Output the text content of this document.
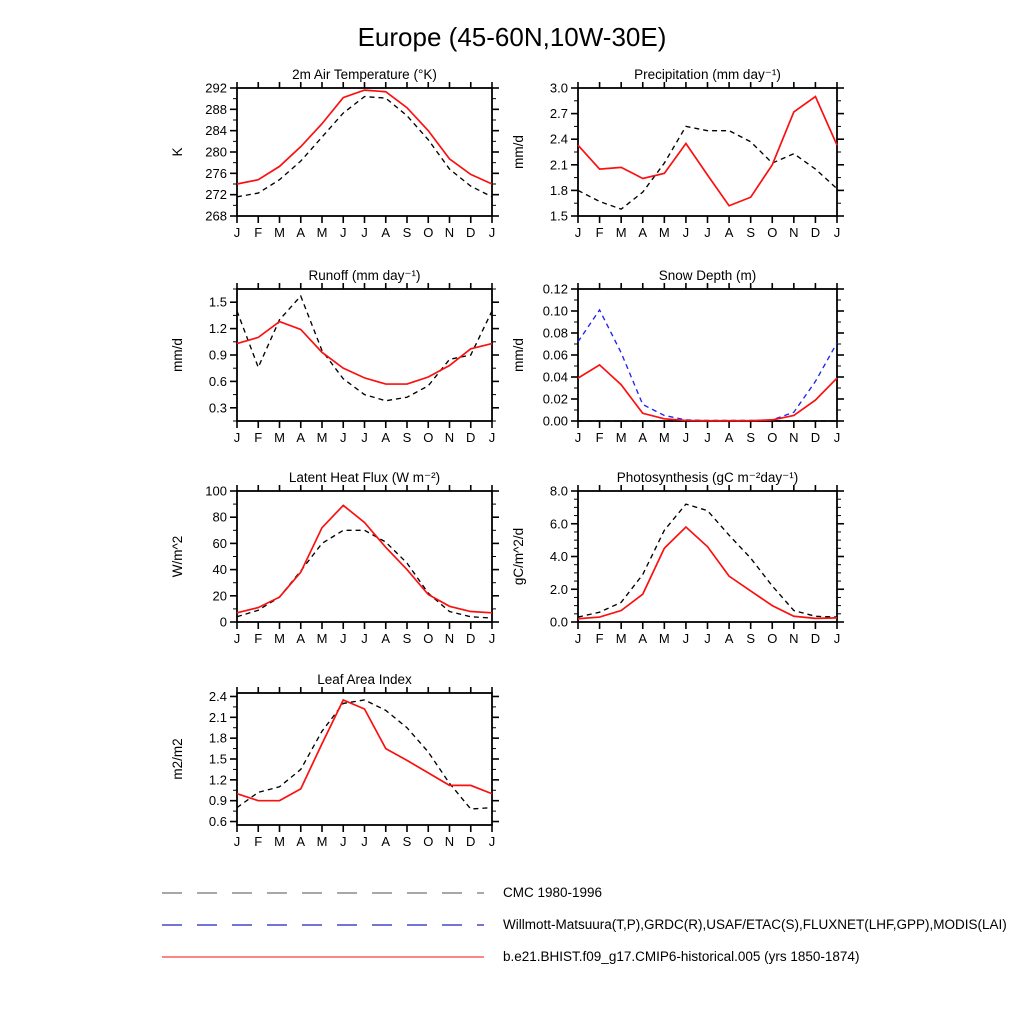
Europe (45-60N,10W-30E)
2m Air Temperature (°K)
268
272
276
280
284
288
292
J F M A M J J A S O N D J
K
Precipitation (mm day⁻¹)
1.5
1.8
2.1
2.4
2.7
3.0
J F M A M J J A S O N D J
mm/d
Runoff (mm day⁻¹)
0.3
0.6
0.9
1.2
1.5
J F M A M J J A S O N D J
mm/d
Snow Depth (m)
0.00
0.02
0.04
0.06
0.08
0.10
0.12
J F M A M J J A S O N D J
mm/d
Latent Heat Flux (W m⁻²)
0
20
40
60
80
100
J F M A M J J A S O N D J
W/m^2
Photosynthesis (gC m⁻²day⁻¹)
0.0
2.0
4.0
6.0
8.0
J F M A M J J A S O N D J
gC/m^2/d
Leaf Area Index
0.6
0.9
1.2
1.5
1.8
2.1
2.4
J F M A M J J A S O N D J
m2/m2
CMC 1980-1996
Willmott-Matsuura(T,P),GRDC(R),USAF/ETAC(S),FLUXNET(LHF,GPP),MODIS(LAI)
b.e21.BHIST.f09_g17.CMIP6-historical.005 (yrs 1850-1874)
